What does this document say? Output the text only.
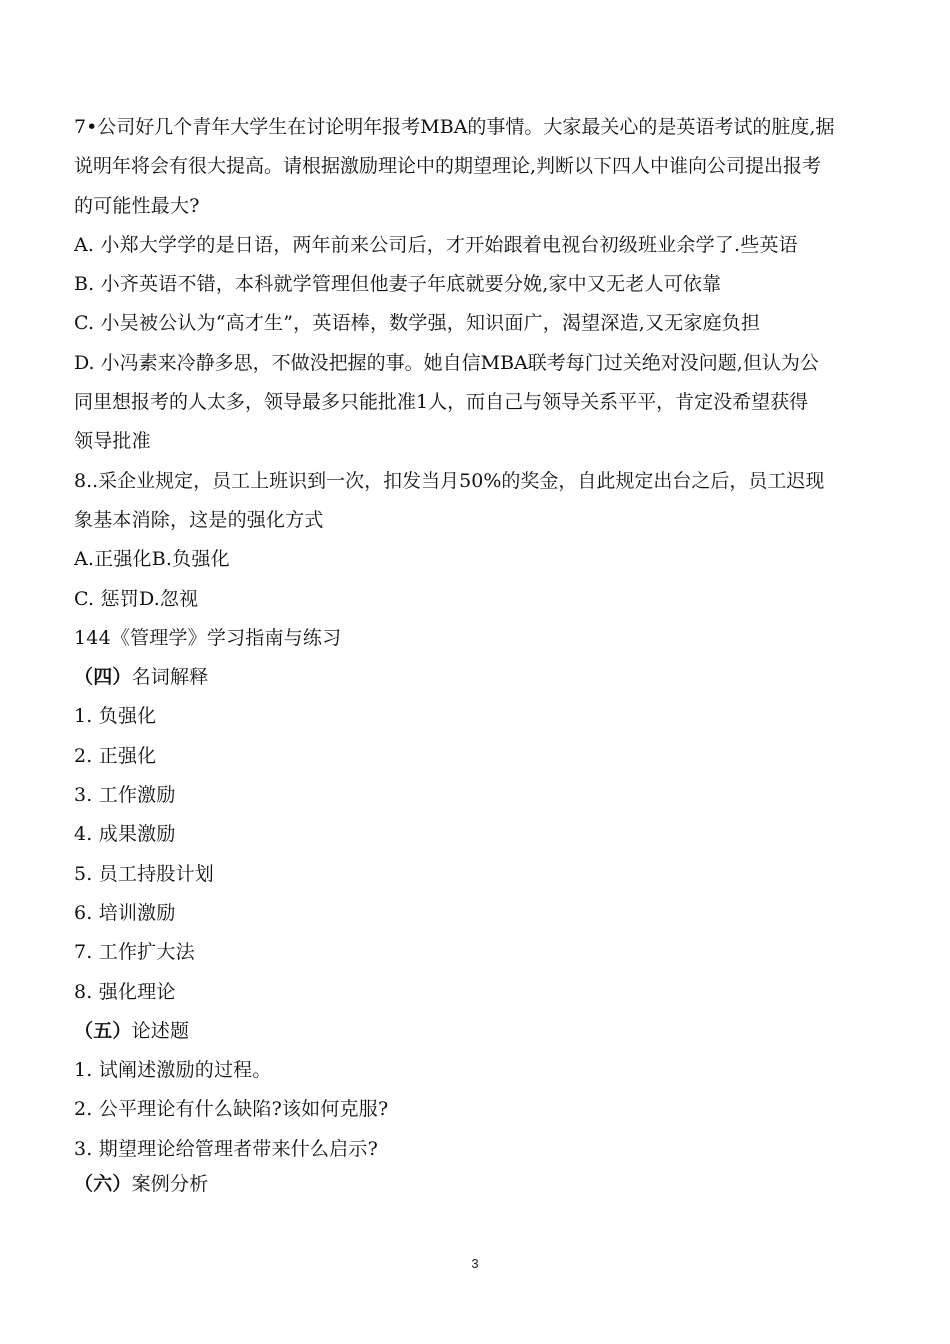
7•公司好几个青年大学生在讨论明年报考MBA的事情。大家最关心的是英语考试的脏度,据
说明年将会有很大提高。请根据激励理论中的期望理论,判断以下四人中谁向公司提出报考
的可能性最大?
A. 小郑大学学的是日语，两年前来公司后，才开始跟着电视台初级班业余学了.些英语
B. 小齐英语不错，本科就学管理但他妻子年底就要分娩,家中又无老人可依靠
C. 小吴被公认为“高才生”，英语棒，数学强，知识面广，渴望深造,又无家庭负担
D. 小冯素来冷静多思，不做没把握的事。她自信MBA联考每门过关绝对没问题,但认为公
同里想报考的人太多，领导最多只能批准1人，而自己与领导关系平平，肯定没希望获得
领导批准
8..采企业规定，员工上班识到一次，扣发当月50%的奖金，自此规定出台之后，员工迟现
象基本消除，这是的强化方式
A.正强化B.负强化
C. 惩罚D.忽视
144《管理学》学习指南与练习
（四）名词解释
1. 负强化
2. 正强化
3. 工作激励
4. 成果激励
5. 员工持股计划
6. 培训激励
7. 工作扩大法
8. 强化理论
（五）论述题
1. 试阐述激励的过程。
2. 公平理论有什么缺陷?该如何克服?
3. 期望理论给管理者带来什么启示?
（六）案例分析
3
